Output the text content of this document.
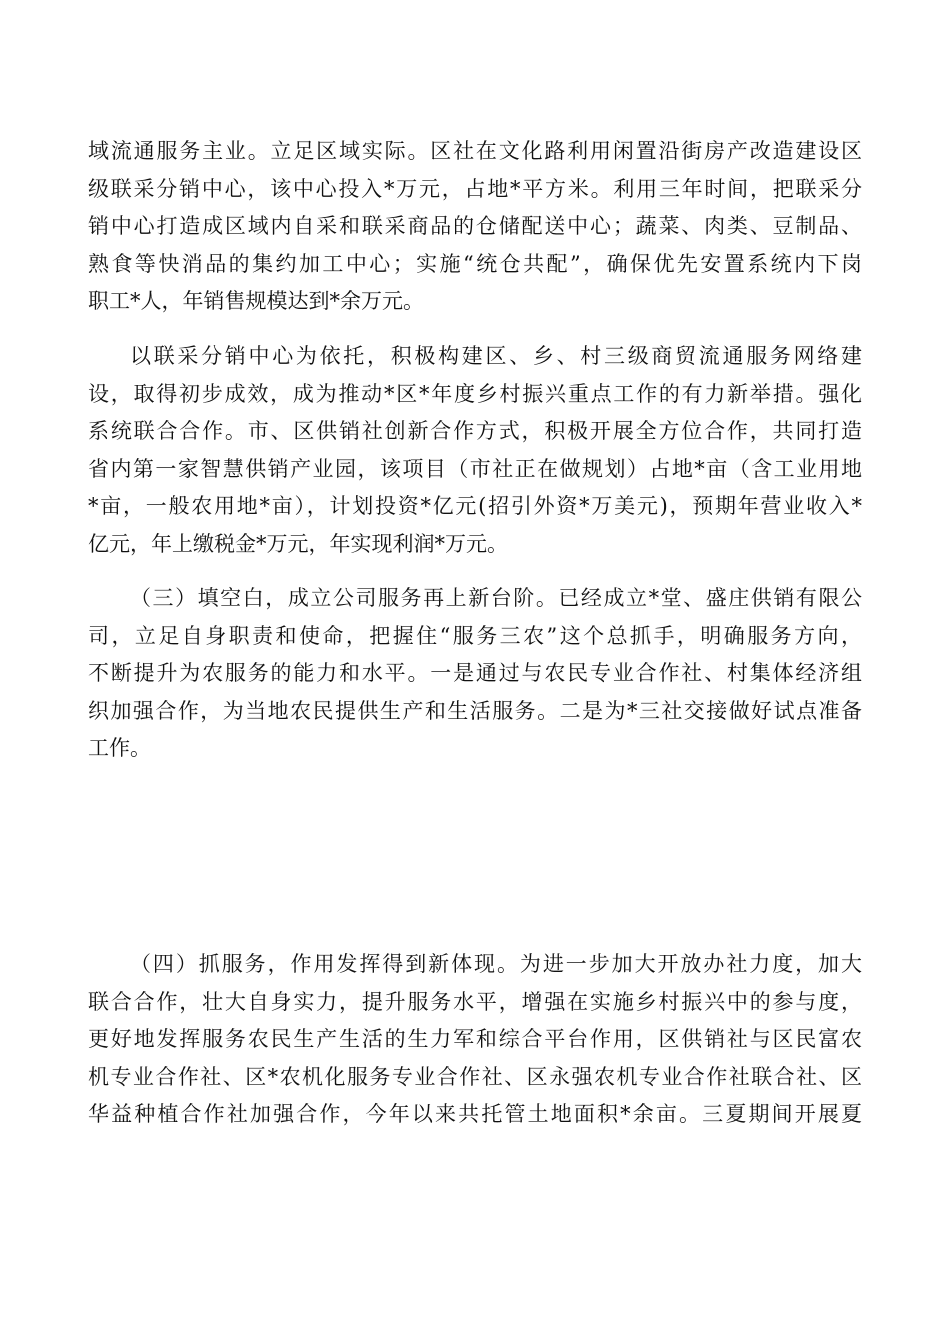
域流通服务主业。立足区域实际。区社在文化路利用闲置沿街房产改造建设区
级联采分销中心，该中心投入*万元，占地*平方米。利用三年时间，把联采分
销中心打造成区域内自采和联采商品的仓储配送中心；蔬菜、肉类、豆制品、
熟食等快消品的集约加工中心；实施“统仓共配”，确保优先安置系统内下岗
职工*人，年销售规模达到*余万元。
以联采分销中心为依托，积极构建区、乡、村三级商贸流通服务网络建
设，取得初步成效，成为推动*区*年度乡村振兴重点工作的有力新举措。强化
系统联合合作。市、区供销社创新合作方式，积极开展全方位合作，共同打造
省内第一家智慧供销产业园，该项目（市社正在做规划）占地*亩（含工业用地
*亩，一般农用地*亩），计划投资*亿元(招引外资*万美元)，预期年营业收入*
亿元，年上缴税金*万元，年实现利润*万元。
（三）填空白，成立公司服务再上新台阶。已经成立*堂、盛庄供销有限公
司，立足自身职责和使命，把握住“服务三农”这个总抓手，明确服务方向，
不断提升为农服务的能力和水平。一是通过与农民专业合作社、村集体经济组
织加强合作，为当地农民提供生产和生活服务。二是为*三社交接做好试点准备
工作。
（四）抓服务，作用发挥得到新体现。为进一步加大开放办社力度，加大
联合合作，壮大自身实力，提升服务水平，增强在实施乡村振兴中的参与度，
更好地发挥服务农民生产生活的生力军和综合平台作用，区供销社与区民富农
机专业合作社、区*农机化服务专业合作社、区永强农机专业合作社联合社、区
华益种植合作社加强合作，今年以来共托管土地面积*余亩。三夏期间开展夏
